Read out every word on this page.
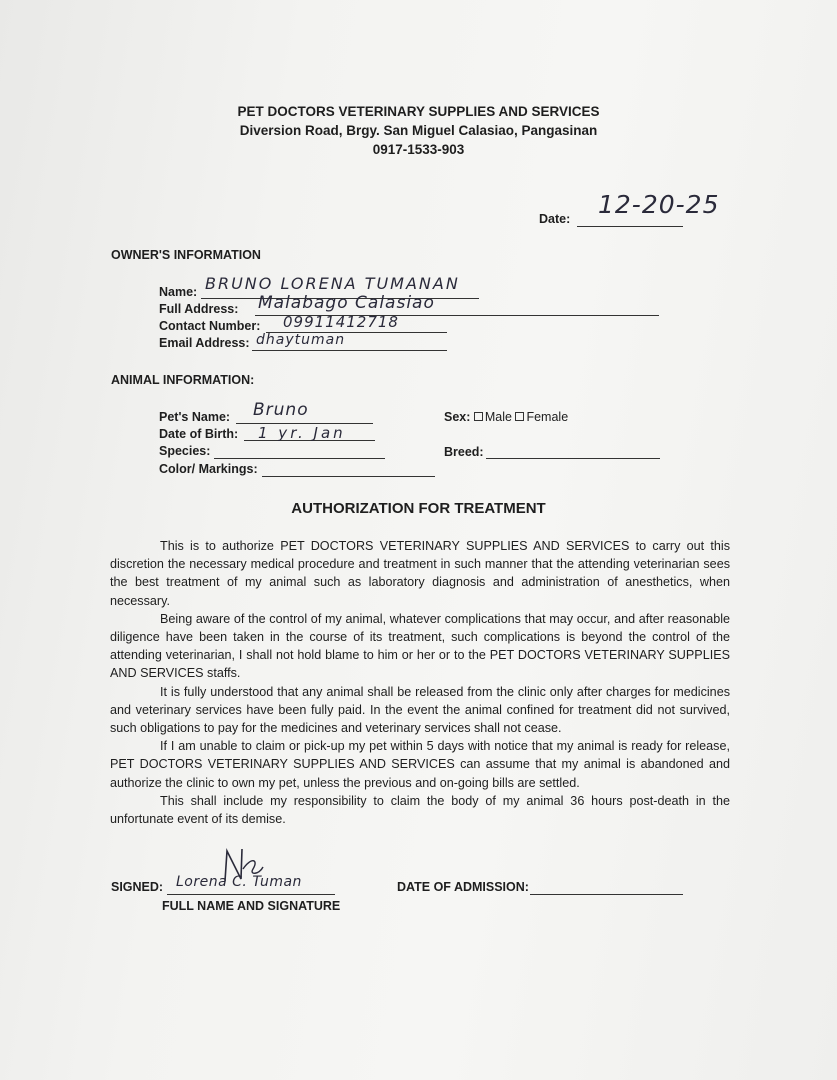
PET DOCTORS VETERINARY SUPPLIES AND SERVICES
Diversion Road, Brgy. San Miguel Calasiao, Pangasinan
0917-1533-903
Date: 12-20-25
OWNER'S INFORMATION
Name: BRUNO LORENA TUMANAN
Full Address: Malabago Calasiao
Contact Number: 09911412718
Email Address: dhaytuman
ANIMAL INFORMATION:
Pet's Name: Bruno
Date of Birth: 1 yr. Jan
Species:
Color/ Markings:
Sex: Male Female
Breed:
AUTHORIZATION FOR TREATMENT

This is to authorize PET DOCTORS VETERINARY SUPPLIES AND SERVICES to carry out this discretion the necessary medical procedure and treatment in such manner that the attending veterinarian sees the best treatment of my animal such as laboratory diagnosis and administration of anesthetics, when necessary.

Being aware of the control of my animal, whatever complications that may occur, and after reasonable diligence have been taken in the course of its treatment, such complications is beyond the control of the attending veterinarian, I shall not hold blame to him or her or to the PET DOCTORS VETERINARY SUPPLIES AND SERVICES staffs.

It is fully understood that any animal shall be released from the clinic only after charges for medicines and veterinary services have been fully paid. In the event the animal confined for treatment did not survived, such obligations to pay for the medicines and veterinary services shall not cease.

If I am unable to claim or pick-up my pet within 5 days with notice that my animal is ready for release, PET DOCTORS VETERINARY SUPPLIES AND SERVICES can assume that my animal is abandoned and authorize the clinic to own my pet, unless the previous and on-going bills are settled.

This shall include my responsibility to claim the body of my animal 36 hours post-death in the unfortunate event of its demise.

SIGNED: Lorena C. Tuman
FULL NAME AND SIGNATURE
DATE OF ADMISSION:
